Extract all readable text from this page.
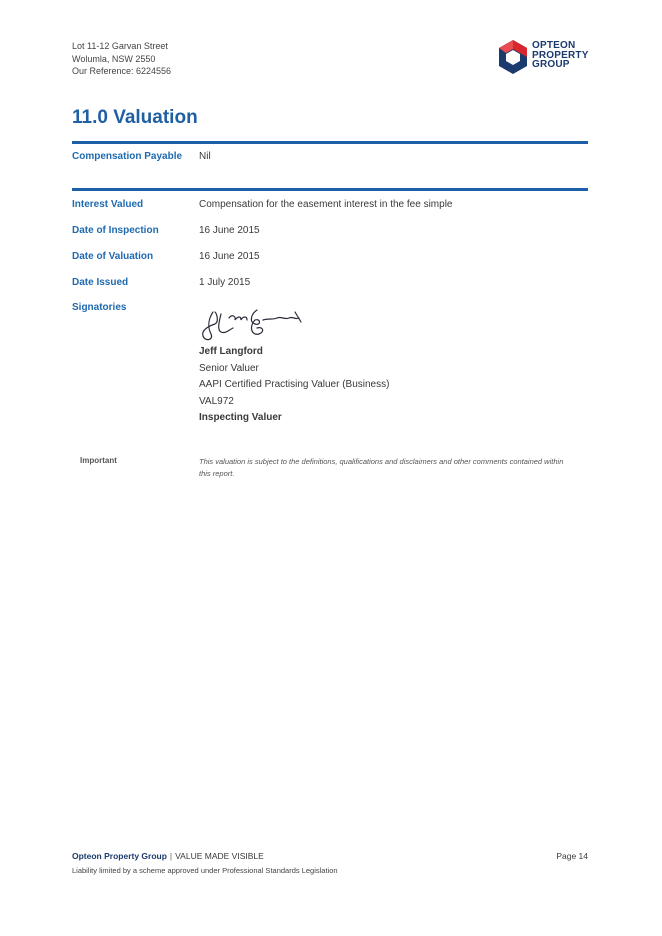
Lot 11-12 Garvan Street
Wolumla, NSW 2550
Our Reference: 6224556
OPTEON
PROPERTY
GROUP
11.0 Valuation
Compensation Payable Nil
Interest Valued	Compensation for the easement interest in the fee simple
Date of Inspection	16 June 2015
Date of Valuation	16 June 2015
Date Issued	1 July 2015
Signatories
Jeff Langford
Senior Valuer
AAPI Certified Practising Valuer (Business)
VAL972
Inspecting Valuer
Important	This valuation is subject to the definitions, qualifications and disclaimers and other comments contained within this report.
Opteon Property Group | VALUE MADE VISIBLE	Page 14
Liability limited by a scheme approved under Professional Standards Legislation
